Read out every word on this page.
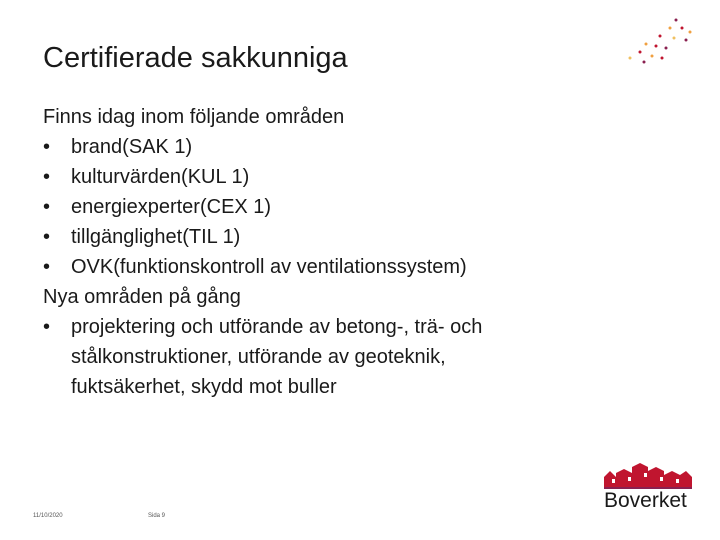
Certifierade sakkunniga
Finns idag inom följande områden
•	brand(SAK 1)
•	kulturvärden(KUL 1)
•	energiexperter(CEX 1)
•	tillgänglighet(TIL 1)
•	OVK(funktionskontroll av ventilationssystem)
Nya områden på gång
•	projektering och utförande av betong-, trä- och stålkonstruktioner, utförande av geoteknik, fuktsäkerhet, skydd mot buller
11/10/2020	Sida 9
Boverket
